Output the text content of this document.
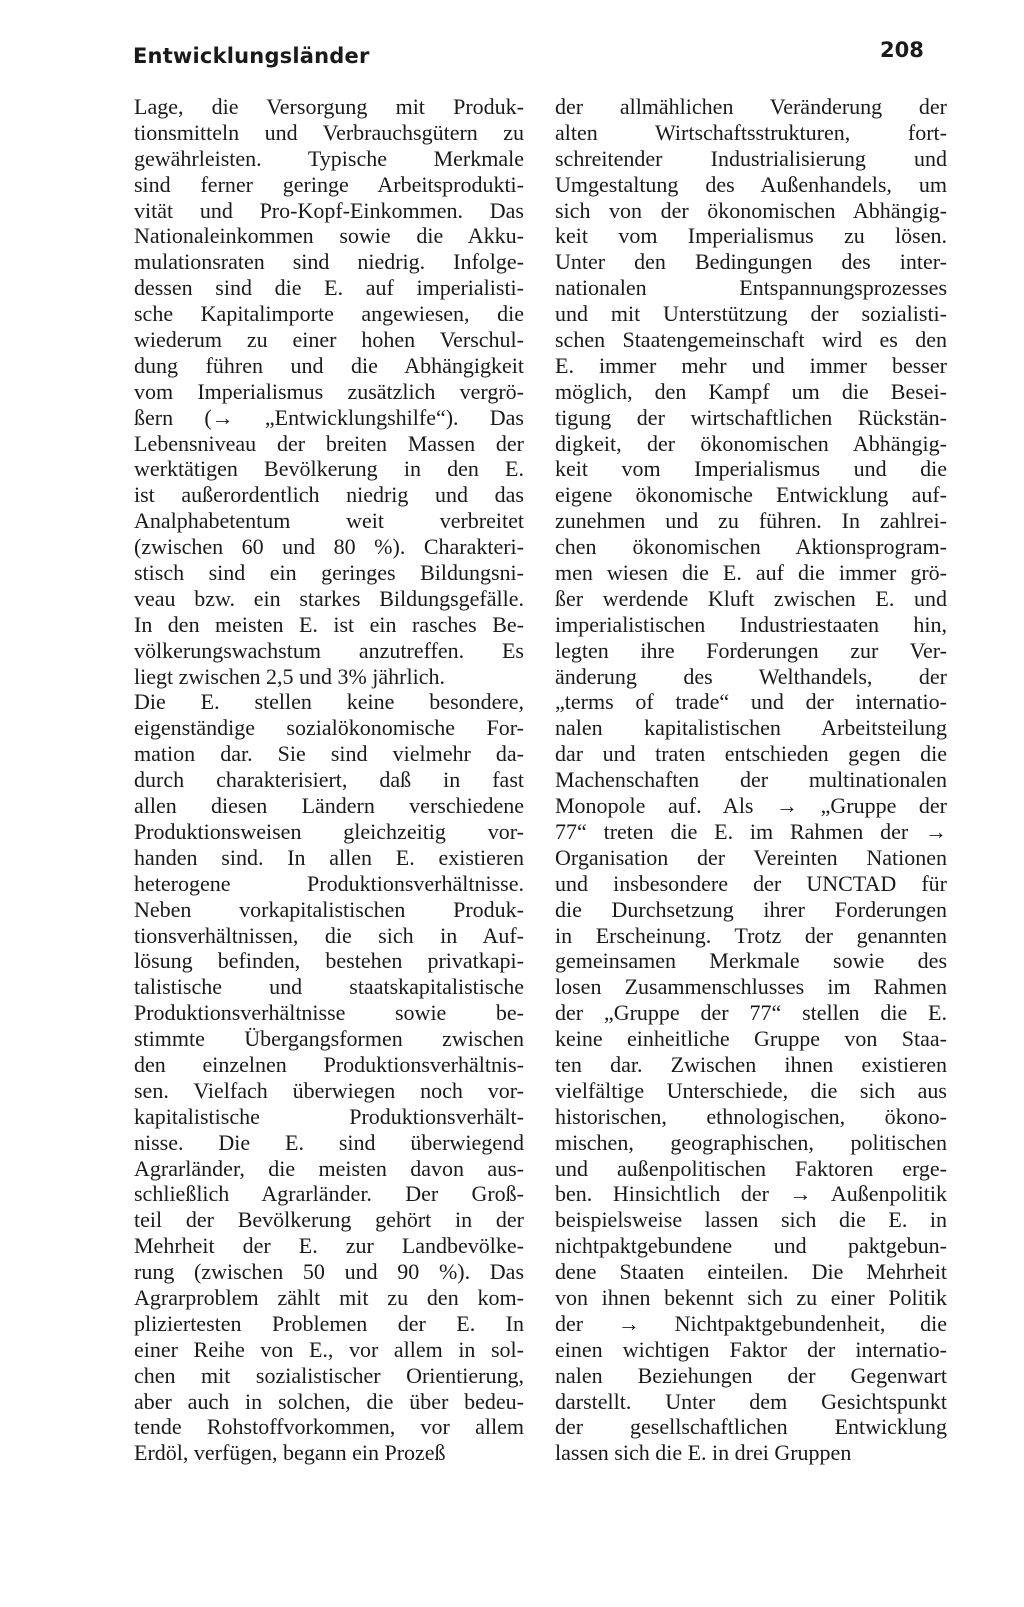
Entwicklungsländer	208
Lage, die Versorgung mit Produk-
tionsmitteln und Verbrauchsgütern zu
gewährleisten. Typische Merkmale
sind ferner geringe Arbeitsprodukti-
vität und Pro-Kopf-Einkommen. Das
Nationaleinkommen sowie die Akku-
mulationsraten sind niedrig. Infolge-
dessen sind die E. auf imperialisti-
sche Kapitalimporte angewiesen, die
wiederum zu einer hohen Verschul-
dung führen und die Abhängigkeit
vom Imperialismus zusätzlich vergrö-
ßern (→ „Entwicklungshilfe“). Das
Lebensniveau der breiten Massen der
werktätigen Bevölkerung in den E.
ist außerordentlich niedrig und das
Analphabetentum weit verbreitet
(zwischen 60 und 80 %). Charakteri-
stisch sind ein geringes Bildungsni-
veau bzw. ein starkes Bildungsgefälle.
In den meisten E. ist ein rasches Be-
völkerungswachstum anzutreffen. Es
liegt zwischen 2,5 und 3% jährlich.
Die E. stellen keine besondere,
eigenständige sozialökonomische For-
mation dar. Sie sind vielmehr da-
durch charakterisiert, daß in fast
allen diesen Ländern verschiedene
Produktionsweisen gleichzeitig vor-
handen sind. In allen E. existieren
heterogene Produktionsverhältnisse.
Neben vorkapitalistischen Produk-
tionsverhältnissen, die sich in Auf-
lösung befinden, bestehen privatkapi-
talistische und staatskapitalistische
Produktionsverhältnisse sowie be-
stimmte Übergangsformen zwischen
den einzelnen Produktionsverhältnis-
sen. Vielfach überwiegen noch vor-
kapitalistische Produktionsverhält-
nisse. Die E. sind überwiegend
Agrarländer, die meisten davon aus-
schließlich Agrarländer. Der Groß-
teil der Bevölkerung gehört in der
Mehrheit der E. zur Landbevölke-
rung (zwischen 50 und 90 %). Das
Agrarproblem zählt mit zu den kom-
pliziertesten Problemen der E. In
einer Reihe von E., vor allem in sol-
chen mit sozialistischer Orientierung,
aber auch in solchen, die über bedeu-
tende Rohstoffvorkommen, vor allem
Erdöl, verfügen, begann ein Prozeß
der allmählichen Veränderung der
alten Wirtschaftsstrukturen, fort-
schreitender Industrialisierung und
Umgestaltung des Außenhandels, um
sich von der ökonomischen Abhängig-
keit vom Imperialismus zu lösen.
Unter den Bedingungen des inter-
nationalen Entspannungsprozesses
und mit Unterstützung der sozialisti-
schen Staatengemeinschaft wird es den
E. immer mehr und immer besser
möglich, den Kampf um die Besei-
tigung der wirtschaftlichen Rückstän-
digkeit, der ökonomischen Abhängig-
keit vom Imperialismus und die
eigene ökonomische Entwicklung auf-
zunehmen und zu führen. In zahlrei-
chen ökonomischen Aktionsprogram-
men wiesen die E. auf die immer grö-
ßer werdende Kluft zwischen E. und
imperialistischen Industriestaaten hin,
legten ihre Forderungen zur Ver-
änderung des Welthandels, der
„terms of trade“ und der internatio-
nalen kapitalistischen Arbeitsteilung
dar und traten entschieden gegen die
Machenschaften der multinationalen
Monopole auf. Als → „Gruppe der
77“ treten die E. im Rahmen der →
Organisation der Vereinten Nationen
und insbesondere der UNCTAD für
die Durchsetzung ihrer Forderungen
in Erscheinung. Trotz der genannten
gemeinsamen Merkmale sowie des
losen Zusammenschlusses im Rahmen
der „Gruppe der 77“ stellen die E.
keine einheitliche Gruppe von Staa-
ten dar. Zwischen ihnen existieren
vielfältige Unterschiede, die sich aus
historischen, ethnologischen, ökono-
mischen, geographischen, politischen
und außenpolitischen Faktoren erge-
ben. Hinsichtlich der → Außenpolitik
beispielsweise lassen sich die E. in
nichtpaktgebundene und paktgebun-
dene Staaten einteilen. Die Mehrheit
von ihnen bekennt sich zu einer Politik
der → Nichtpaktgebundenheit, die
einen wichtigen Faktor der internatio-
nalen Beziehungen der Gegenwart
darstellt. Unter dem Gesichtspunkt
der gesellschaftlichen Entwicklung
lassen sich die E. in drei Gruppen
